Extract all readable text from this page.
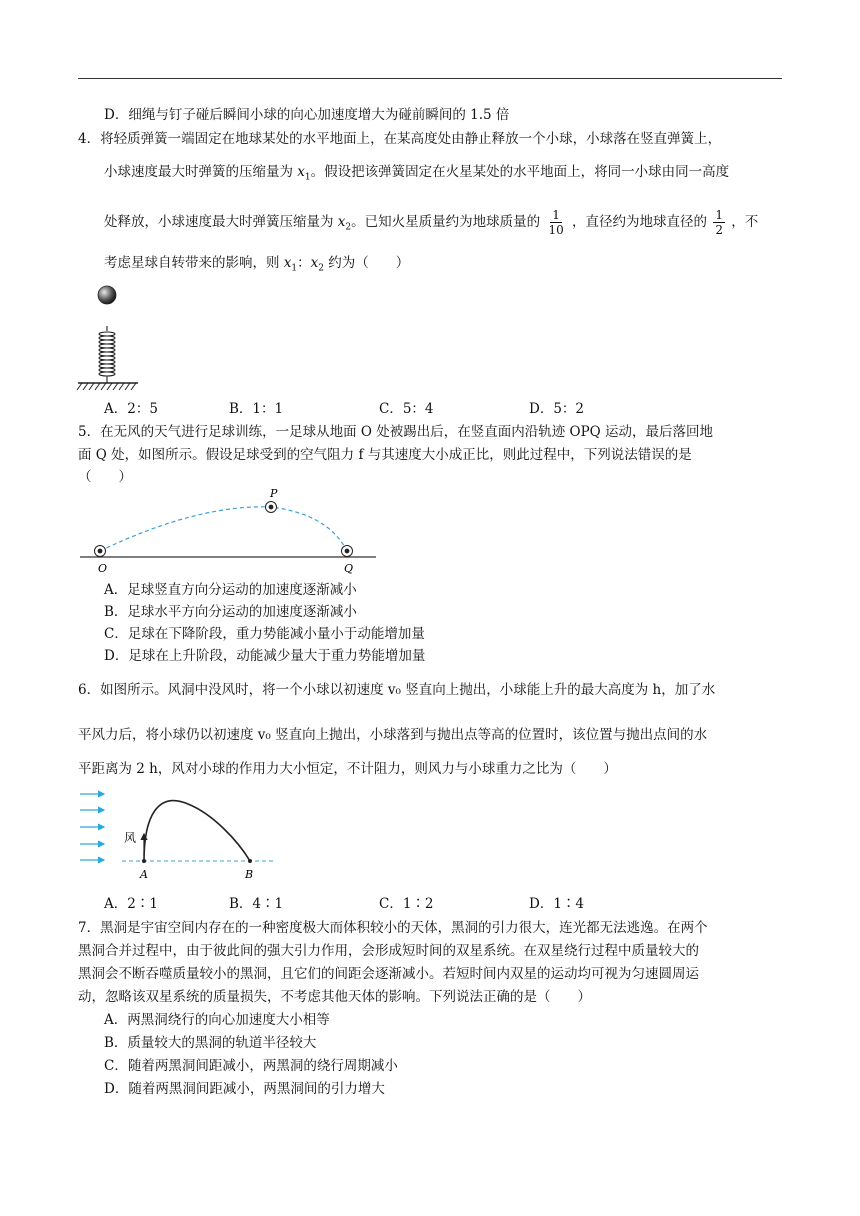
D．细绳与钉子碰后瞬间小球的向心加速度增大为碰前瞬间的 1.5 倍
4．将轻质弹簧一端固定在地球某处的水平地面上，在某高度处由静止释放一个小球，小球落在竖直弹簧上，
小球速度最大时弹簧的压缩量为 $x_1$。假设把该弹簧固定在火星某处的水平地面上，将同一小球由同一高度
处释放，小球速度最大时弹簧压缩量为 $x_2$。已知火星质量约为地球质量的 $\frac{1}{10}$ ，直径约为地球直径的 $\frac{1}{2}$ ，不
考虑星球自转带来的影响，则 $x_1$：$x_2$ 约为（　　）
A．2：5	B．1：1	C．5：4	D．5：2
5．在无风的天气进行足球训练，一足球从地面 O 处被踢出后，在竖直面内沿轨迹 OPQ 运动，最后落回地
面 Q 处，如图所示。假设足球受到的空气阻力 f 与其速度大小成正比，则此过程中，下列说法错误的是
（　　）
O
P
Q
A．足球竖直方向分运动的加速度逐渐减小
B．足球水平方向分运动的加速度逐渐减小
C．足球在下降阶段，重力势能减小量小于动能增加量
D．足球在上升阶段，动能减少量大于重力势能增加量
6．如图所示。风洞中没风时，将一个小球以初速度 v₀ 竖直向上抛出，小球能上升的最大高度为 h，加了水
平风力后，将小球仍以初速度 v₀ 竖直向上抛出，小球落到与抛出点等高的位置时，该位置与抛出点间的水
平距离为 2 h，风对小球的作用力大小恒定，不计阻力，则风力与小球重力之比为（　　）
风
A	B
A．2∶1	B．4∶1	C．1∶2	D．1∶4
7．黑洞是宇宙空间内存在的一种密度极大而体积较小的天体，黑洞的引力很大，连光都无法逃逸。在两个
黑洞合并过程中，由于彼此间的强大引力作用，会形成短时间的双星系统。在双星绕行过程中质量较大的
黑洞会不断吞噬质量较小的黑洞，且它们的间距会逐渐减小。若短时间内双星的运动均可视为匀速圆周运
动，忽略该双星系统的质量损失，不考虑其他天体的影响。下列说法正确的是（　　）
A．两黑洞绕行的向心加速度大小相等
B．质量较大的黑洞的轨道半径较大
C．随着两黑洞间距减小，两黑洞的绕行周期减小
D．随着两黑洞间距减小，两黑洞间的引力增大
